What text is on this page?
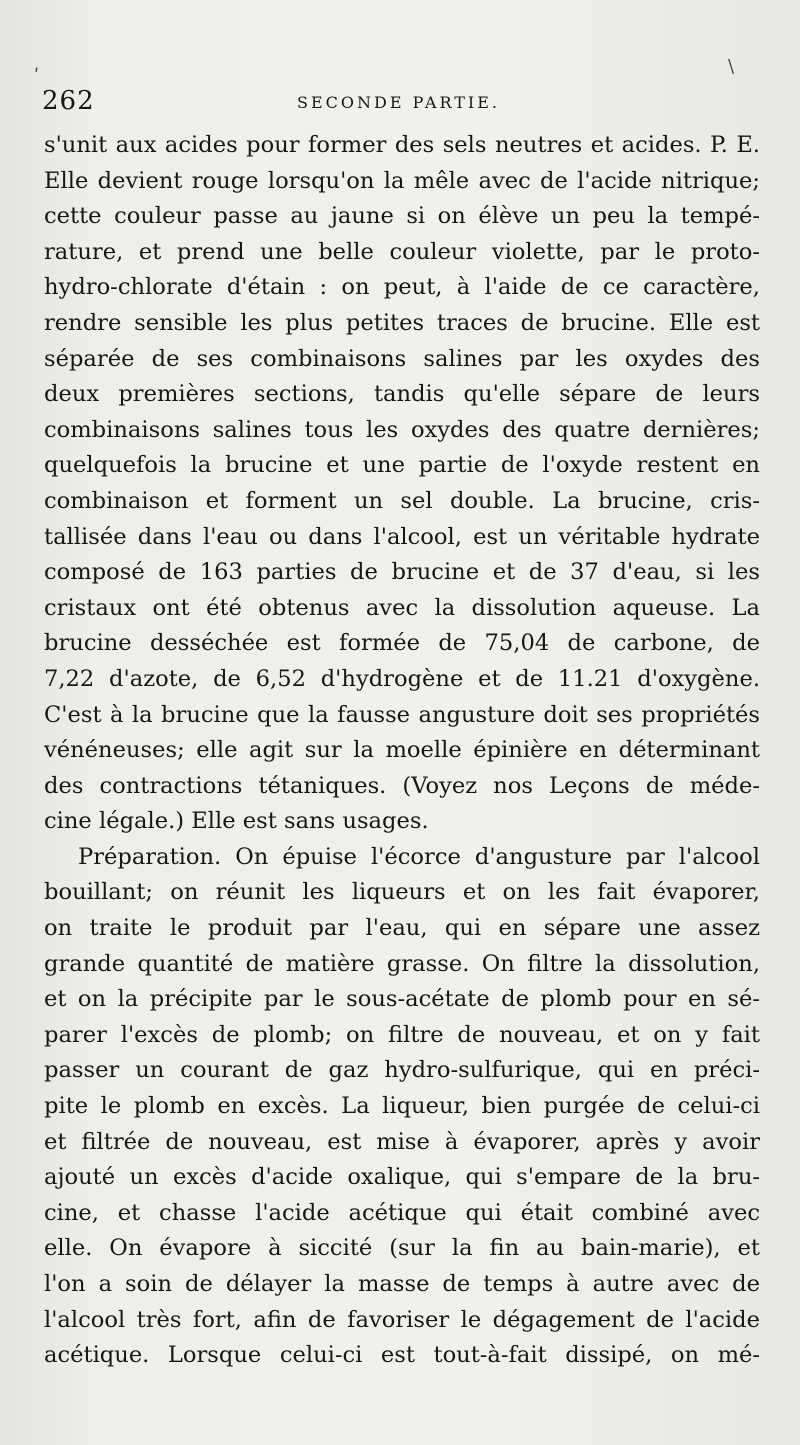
ʹ	\
262	SECONDE PARTIE.
s'unit aux acides pour former des sels neutres et acides. P. E.
Elle devient rouge lorsqu'on la mêle avec de l'acide nitrique;
cette couleur passe au jaune si on élève un peu la tempé-
rature, et prend une belle couleur violette, par le proto-
hydro-chlorate d'étain : on peut, à l'aide de ce caractère,
rendre sensible les plus petites traces de brucine. Elle est
séparée de ses combinaisons salines par les oxydes des
deux premières sections, tandis qu'elle sépare de leurs
combinaisons salines tous les oxydes des quatre dernières;
quelquefois la brucine et une partie de l'oxyde restent en
combinaison et forment un sel double. La brucine, cris-
tallisée dans l'eau ou dans l'alcool, est un véritable hydrate
composé de 163 parties de brucine et de 37 d'eau, si les
cristaux ont été obtenus avec la dissolution aqueuse. La
brucine desséchée est formée de 75,04 de carbone, de
7,22 d'azote, de 6,52 d'hydrogène et de 11.21 d'oxygène.
C'est à la brucine que la fausse angusture doit ses propriétés
vénéneuses; elle agit sur la moelle épinière en déterminant
des contractions tétaniques. (Voyez nos Leçons de méde-
cine légale.) Elle est sans usages.
Préparation. On épuise l'écorce d'angusture par l'alcool
bouillant; on réunit les liqueurs et on les fait évaporer,
on traite le produit par l'eau, qui en sépare une assez
grande quantité de matière grasse. On filtre la dissolution,
et on la précipite par le sous-acétate de plomb pour en sé-
parer l'excès de plomb; on filtre de nouveau, et on y fait
passer un courant de gaz hydro-sulfurique, qui en préci-
pite le plomb en excès. La liqueur, bien purgée de celui-ci
et filtrée de nouveau, est mise à évaporer, après y avoir
ajouté un excès d'acide oxalique, qui s'empare de la bru-
cine, et chasse l'acide acétique qui était combiné avec
elle. On évapore à siccité (sur la fin au bain-marie), et
l'on a soin de délayer la masse de temps à autre avec de
l'alcool très fort, afin de favoriser le dégagement de l'acide
acétique. Lorsque celui-ci est tout-à-fait dissipé, on mé-
